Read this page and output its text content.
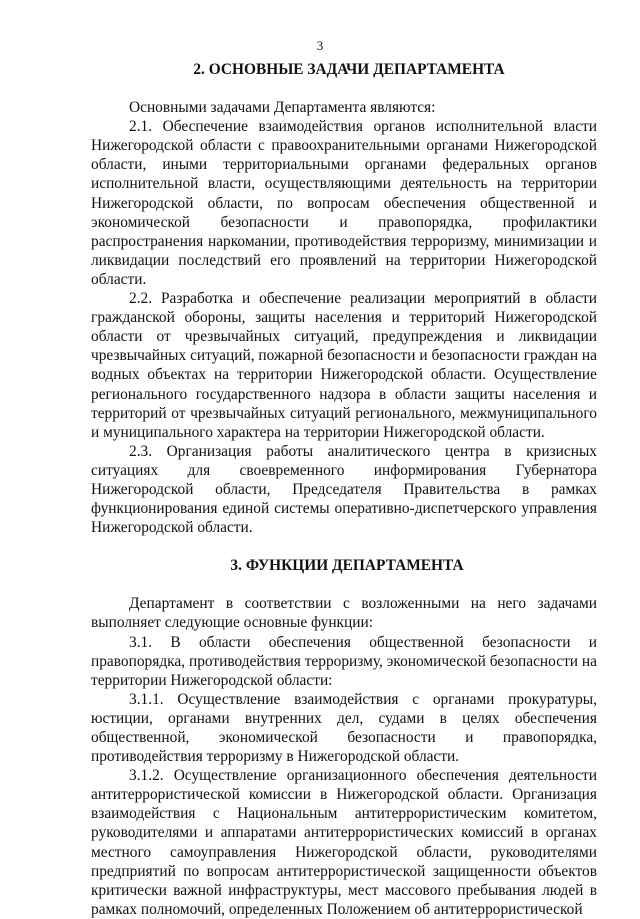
3
2. ОСНОВНЫЕ ЗАДАЧИ ДЕПАРТАМЕНТА

Основными задачами Департамента являются:

2.1. Обеспечение взаимодействия органов исполнительной власти Нижегородской области с правоохранительными органами Нижегородской области, иными территориальными органами федеральных органов исполнительной власти, осуществляющими деятельность на территории Нижегородской области, по вопросам обеспечения общественной и экономической безопасности и правопорядка, профилактики распространения наркомании, противодействия терроризму, минимизации и ликвидации последствий его проявлений на территории Нижегородской области.

2.2. Разработка и обеспечение реализации мероприятий в области гражданской обороны, защиты населения и территорий Нижегородской области от чрезвычайных ситуаций, предупреждения и ликвидации чрезвычайных ситуаций, пожарной безопасности и безопасности граждан на водных объектах на территории Нижегородской области. Осуществление регионального государственного надзора в области защиты населения и территорий от чрезвычайных ситуаций регионального, межмуниципального и муниципального характера на территории Нижегородской области.

2.3. Организация работы аналитического центра в кризисных ситуациях для своевременного информирования Губернатора Нижегородской области, Председателя Правительства в рамках функционирования единой системы оперативно-диспетчерского управления Нижегородской области.

3. ФУНКЦИИ ДЕПАРТАМЕНТА

Департамент в соответствии с возложенными на него задачами выполняет следующие основные функции:

3.1. В области обеспечения общественной безопасности и правопорядка, противодействия терроризму, экономической безопасности на территории Нижегородской области:

3.1.1. Осуществление взаимодействия с органами прокуратуры, юстиции, органами внутренних дел, судами в целях обеспечения общественной, экономической безопасности и правопорядка, противодействия терроризму в Нижегородской области.

3.1.2. Осуществление организационного обеспечения деятельности антитеррористической комиссии в Нижегородской области. Организация взаимодействия с Национальным антитеррористическим комитетом, руководителями и аппаратами антитеррористических комиссий в органах местного самоуправления Нижегородской области, руководителями предприятий по вопросам антитеррористической защищенности объектов критически важной инфраструктуры, мест массового пребывания людей в рамках полномочий, определенных Положением об антитеррористической
